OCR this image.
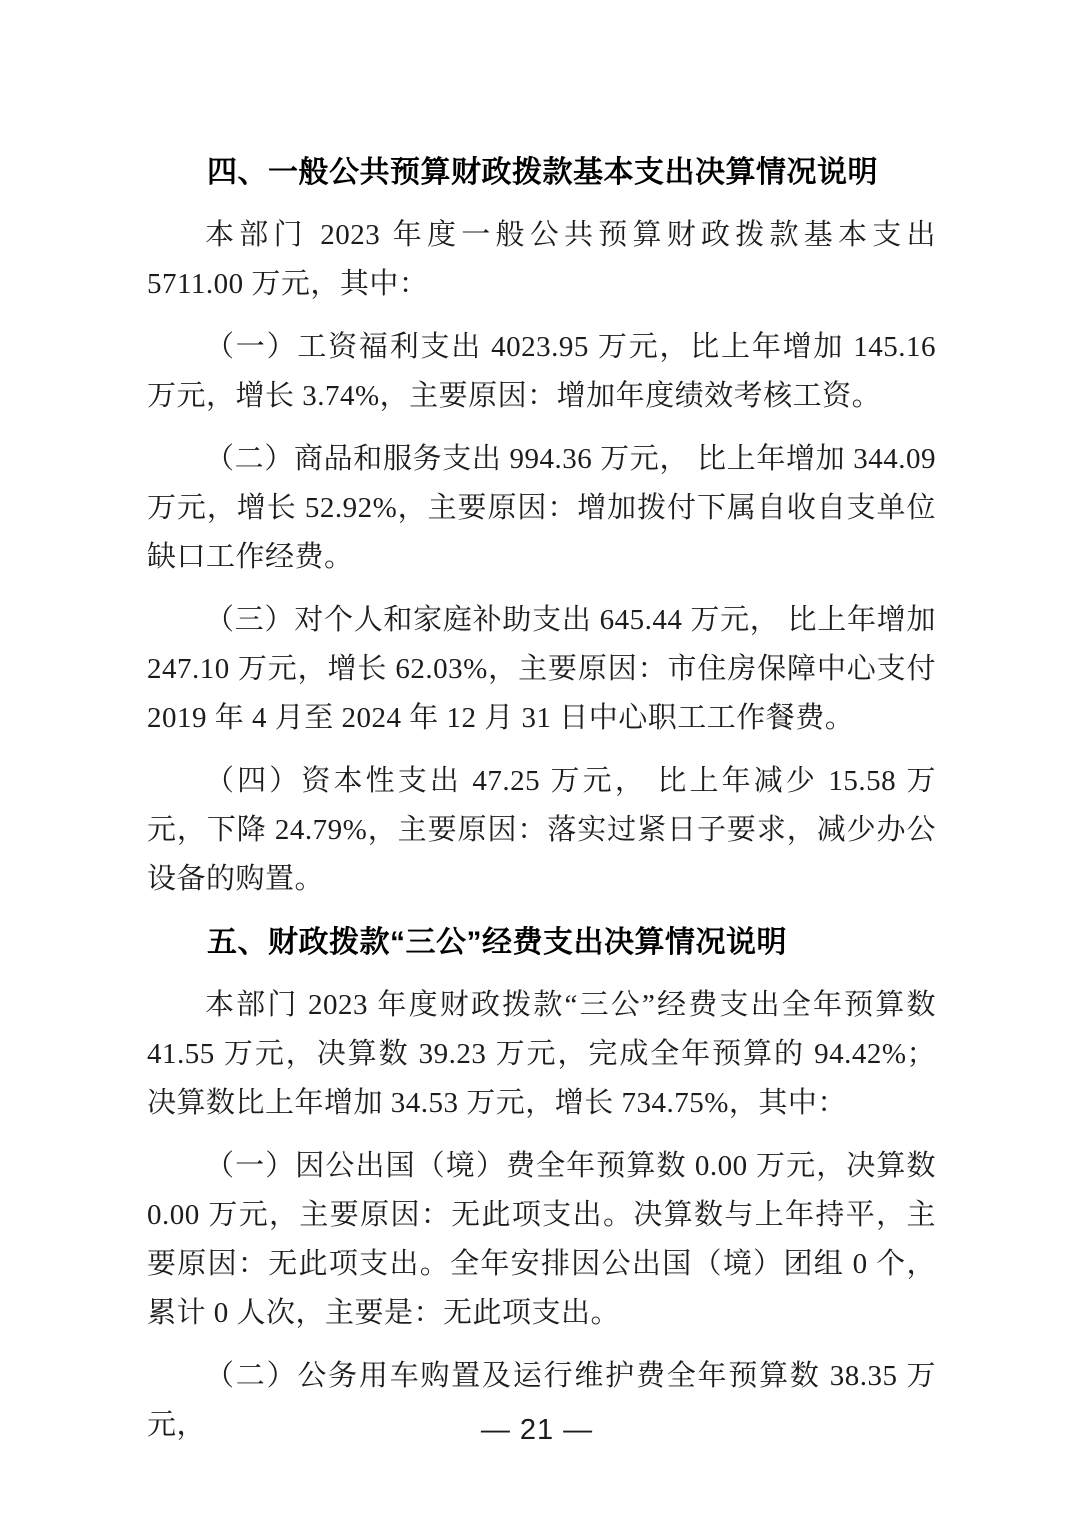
四、一般公共预算财政拨款基本支出决算情况说明

本部门 2023 年度一般公共预算财政拨款基本支出 5711.00 万元，其中：

（一）工资福利支出 4023.95 万元，比上年增加 145.16 万元，增长 3.74%，主要原因：增加年度绩效考核工资。

（二）商品和服务支出 994.36 万元， 比上年增加 344.09 万元，增长 52.92%，主要原因：增加拨付下属自收自支单位缺口工作经费。

（三）对个人和家庭补助支出 645.44 万元， 比上年增加 247.10 万元，增长 62.03%，主要原因：市住房保障中心支付 2019 年 4 月至 2024 年 12 月 31 日中心职工工作餐费。

（四）资本性支出 47.25 万元， 比上年减少 15.58 万元，下降 24.79%，主要原因：落实过紧日子要求，减少办公设备的购置。

五、财政拨款“三公”经费支出决算情况说明

本部门 2023 年度财政拨款“三公”经费支出全年预算数 41.55 万元，决算数 39.23 万元，完成全年预算的 94.42%；决算数比上年增加 34.53 万元，增长 734.75%，其中：

（一）因公出国（境）费全年预算数 0.00 万元，决算数 0.00 万元，主要原因：无此项支出。决算数与上年持平，主要原因：无此项支出。全年安排因公出国（境）团组 0 个，累计 0 人次，主要是：无此项支出。

（二）公务用车购置及运行维护费全年预算数 38.35 万元，	— 21 —
